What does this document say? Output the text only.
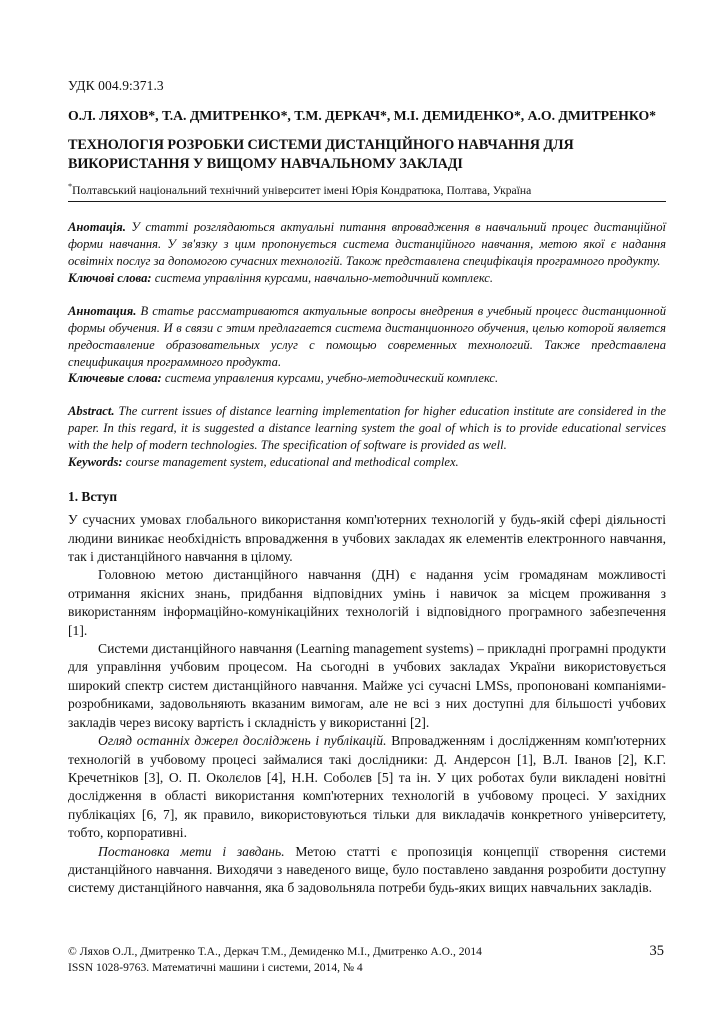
УДК 004.9:371.3
О.Л. ЛЯХОВ*, Т.А. ДМИТРЕНКО*, Т.М. ДЕРКАЧ*, М.І. ДЕМИДЕНКО*, А.О. ДМИТРЕНКО*
ТЕХНОЛОГІЯ РОЗРОБКИ СИСТЕМИ ДИСТАНЦІЙНОГО НАВЧАННЯ ДЛЯ ВИКОРИСТАННЯ У ВИЩОМУ НАВЧАЛЬНОМУ ЗАКЛАДІ
*Полтавський національний технічний університет імені Юрія Кондратюка, Полтава, Україна

Анотація. У статті розглядаються актуальні питання впровадження в навчальний процес дистанційної форми навчання. У зв'язку з цим пропонується система дистанційного навчання, метою якої є надання освітніх послуг за допомогою сучасних технологій. Також представлена специфікація програмного продукту.

Ключові слова: система управління курсами, навчально-методичний комплекс.

Аннотация. В статье рассматриваются актуальные вопросы внедрения в учебный процесс дистанционной формы обучения. И в связи с этим предлагается система дистанционного обучения, целью которой является предоставление образовательных услуг с помощью современных технологий. Также представлена спецификация программного продукта.

Ключевые слова: система управления курсами, учебно-методический комплекс.

Abstract. The current issues of distance learning implementation for higher education institute are considered in the paper. In this regard, it is suggested a distance learning system the goal of which is to provide educational services with the help of modern technologies. The specification of software is provided as well.

Keywords: course management system, educational and methodical complex.

1. Вступ

У сучасних умовах глобального використання комп'ютерних технологій у будь-якій сфері діяльності людини виникає необхідність впровадження в учбових закладах як елементів електронного навчання, так і дистанційного навчання в цілому.

Головною метою дистанційного навчання (ДН) є надання усім громадянам можливості отримання якісних знань, придбання відповідних умінь і навичок за місцем проживання з використанням інформаційно-комунікаційних технологій і відповідного програмного забезпечення [1].

Системи дистанційного навчання (Learning management systems) – прикладні програмні продукти для управління учбовим процесом. На сьогодні в учбових закладах України використовується широкий спектр систем дистанційного навчання. Майже усі сучасні LMSs, пропоновані компаніями-розробниками, задовольняють вказаним вимогам, але не всі з них доступні для більшості учбових закладів через високу вартість і складність у використанні [2].

Огляд останніх джерел досліджень і публікацій. Впровадженням і дослідженням комп'ютерних технологій в учбовому процесі займалися такі дослідники: Д. Андерсон [1], В.Л. Іванов [2], К.Г. Кречетніков [3], О. П. Околєлов [4], Н.Н. Соболєв [5] та ін. У цих роботах були викладені новітні дослідження в області використання комп'ютерних технологій в учбовому процесі. У західних публікаціях [6, 7], як правило, використовуються тільки для викладачів конкретного університету, тобто, корпоративні.

Постановка мети і завдань. Метою статті є пропозиція концепції створення системи дистанційного навчання. Виходячи з наведеного вище, було поставлено завдання розробити доступну систему дистанційного навчання, яка б задовольняла потреби будь-яких вищих навчальних закладів.

© Ляхов О.Л., Дмитренко Т.А., Деркач Т.М., Демиденко М.І., Дмитренко А.О., 2014
ISSN 1028-9763. Математичні машини і системи, 2014, № 4
35
